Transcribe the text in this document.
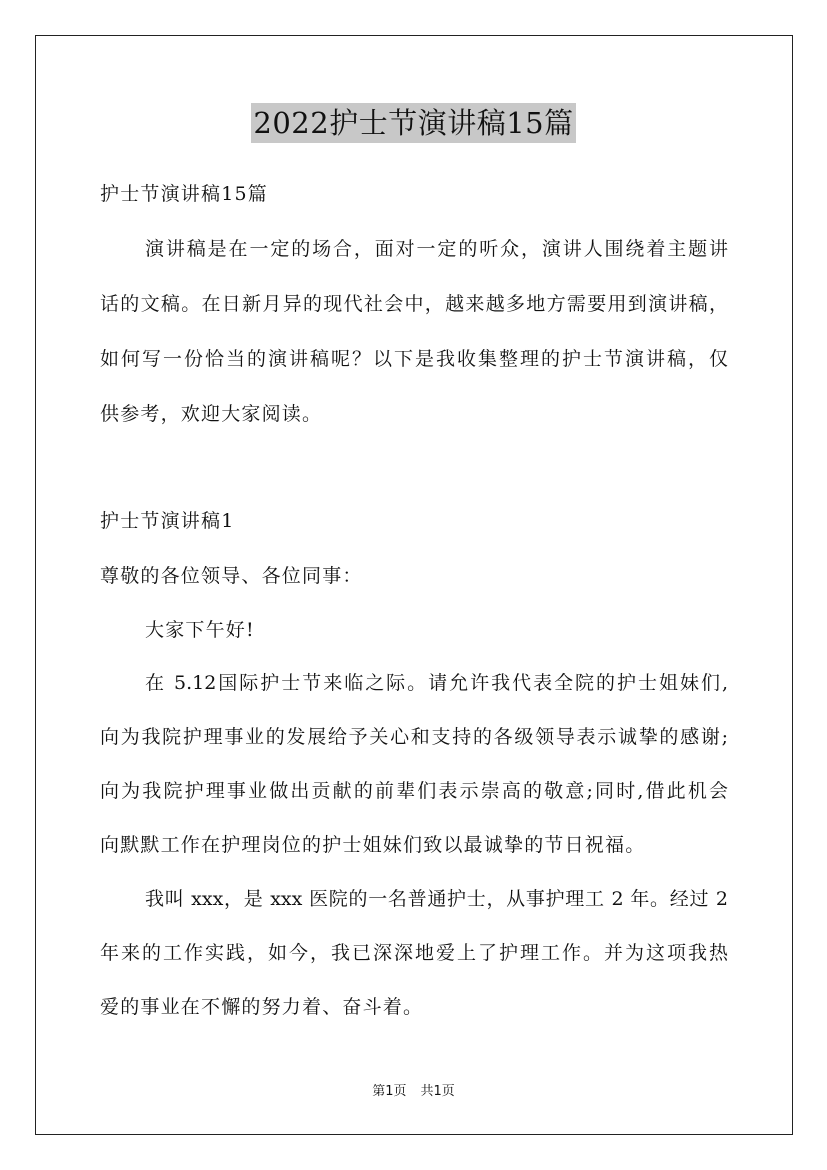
2022护士节演讲稿15篇
护士节演讲稿15篇
演讲稿是在一定的场合，面对一定的听众，演讲人围绕着主题讲
话的文稿。在日新月异的现代社会中，越来越多地方需要用到演讲稿，
如何写一份恰当的演讲稿呢？以下是我收集整理的护士节演讲稿，仅
供参考，欢迎大家阅读。
护士节演讲稿1
尊敬的各位领导、各位同事：
大家下午好!
在 5.12国际护士节来临之际。请允许我代表全院的护士姐妹们,
向为我院护理事业的发展给予关心和支持的各级领导表示诚挚的感谢;
向为我院护理事业做出贡献的前辈们表示崇高的敬意;同时,借此机会
向默默工作在护理岗位的护士姐妹们致以最诚挚的节日祝福。
我叫 xxx，是 xxx 医院的一名普通护士，从事护理工 2 年。经过 2
年来的工作实践，如今，我已深深地爱上了护理工作。并为这项我热
爱的事业在不懈的努力着、奋斗着。
第1页 共1页
